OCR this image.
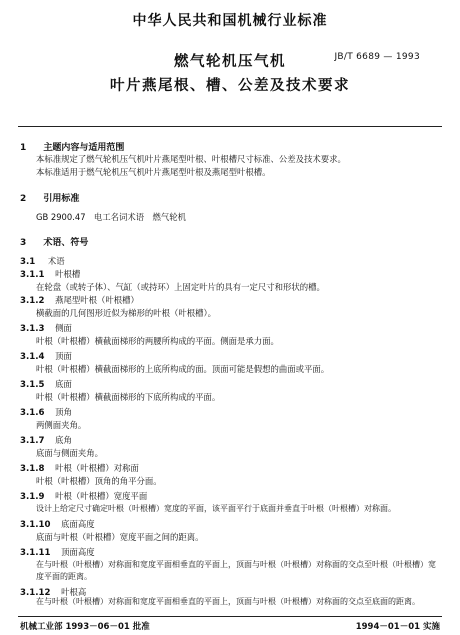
中华人民共和国机械行业标准
JB/T 6689 — 1993
燃气轮机压气机
叶片燕尾根、槽、公差及技术要求
1 主题内容与适用范围
本标准规定了燃气轮机压气机叶片燕尾型叶根、叶根槽尺寸标准、公差及技术要求。
本标准适用于燃气轮机压气机叶片燕尾型叶根及燕尾型叶根槽。
2 引用标准
GB 2900.47　电工名词术语　燃气轮机
3 术语、符号
3.1 术语
3.1.1 叶根槽
在轮盘（或转子体）、气缸（或持环）上固定叶片的具有一定尺寸和形状的槽。
3.1.2 燕尾型叶根（叶根槽）
横截面的几何图形近似为梯形的叶根（叶根槽）。
3.1.3 侧面
叶根（叶根槽）横截面梯形的两腰所构成的平面。侧面是承力面。
3.1.4 顶面
叶根（叶根槽）横截面梯形的上底所构成的面。顶面可能是假想的曲面或平面。
3.1.5 底面
叶根（叶根槽）横截面梯形的下底所构成的平面。
3.1.6 顶角
两侧面夹角。
3.1.7 底角
底面与侧面夹角。
3.1.8 叶根（叶根槽）对称面
叶根（叶根槽）顶角的角平分面。
3.1.9 叶根（叶根槽）宽度平面
设计上给定尺寸确定叶根（叶根槽）宽度的平面，该平面平行于底面并垂直于叶根（叶根槽）对称面。
3.1.10 底面高度
底面与叶根（叶根槽）宽度平面之间的距离。
3.1.11 顶面高度
在与叶根（叶根槽）对称面和宽度平面相垂直的平面上，顶面与叶根（叶根槽）对称面的交点至叶根（叶根槽）宽度平面的距离。
3.1.12 叶根高
在与叶根（叶根槽）对称面和宽度平面相垂直的平面上，顶面与叶根（叶根槽）对称面的交点至底面的距离。
机械工业部 1993－06－01 批准	1994－01－01 实施
